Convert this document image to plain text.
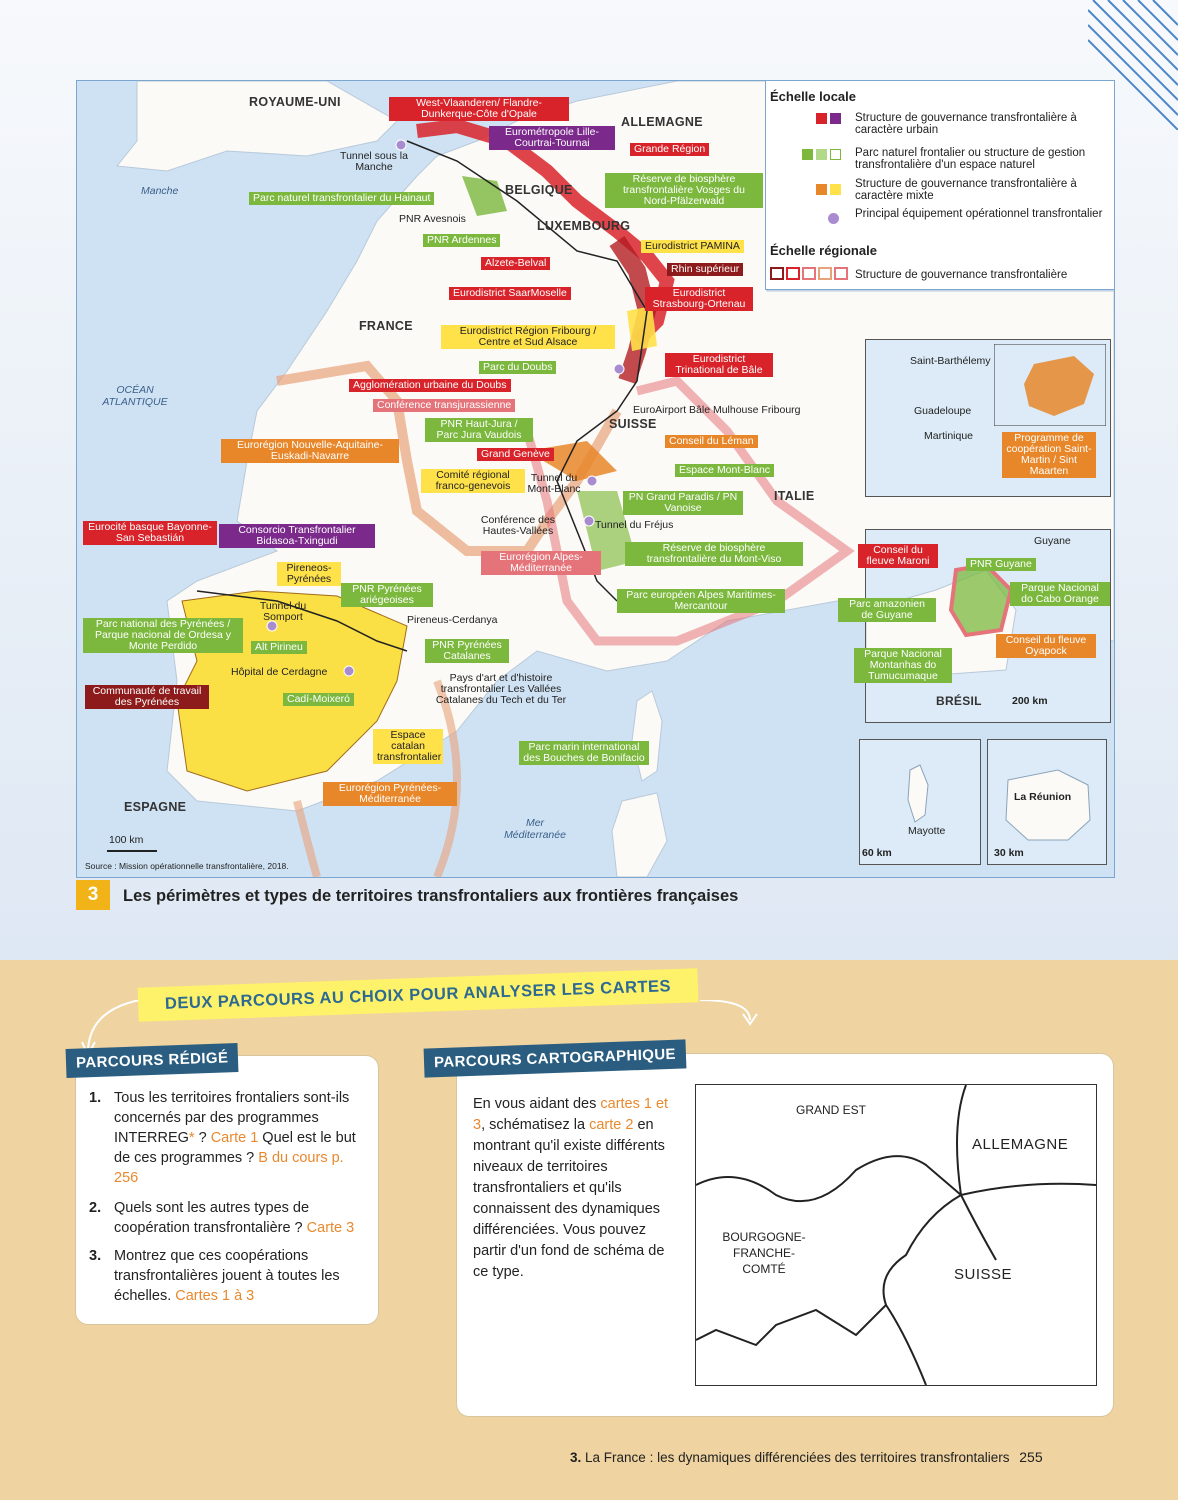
ROYAUME-UNI
ALLEMAGNE
BELGIQUE
LUXEMBOURG
FRANCE
SUISSE
ITALIE
ESPAGNE
Manche
OCÉAN ATLANTIQUE
Mer Méditerranée
West-Vlaanderen/ Flandre-Dunkerque-Côte d'Opale
Eurométropole Lille-Courtrai-Tournai	Grande Région
Tunnel sous la Manche
Réserve de biosphère transfrontalière Vosges du Nord-Pfälzerwald
Parc naturel transfrontalier du Hainaut
PNR Avesnois
PNR Ardennes	Eurodistrict PAMINA
Alzete-Belval	Rhin supérieur
Eurodistrict SaarMoselle	Eurodistrict Strasbourg-Ortenau
Eurodistrict Région Fribourg / Centre et Sud Alsace
Parc du Doubs
Eurodistrict Trinational de Bâle
Agglomération urbaine du Doubs
Conférence transjurassienne	EuroAirport Bâle Mulhouse Fribourg
PNR Haut-Jura / Parc Jura Vaudois	Conseil du Léman
Eurorégion Nouvelle-Aquitaine-Euskadi-Navarre	Grand Genève
Comité régional franco-genevois
Espace Mont-Blanc
Tunnel du Mont-Blanc
PN Grand Paradis / PN Vanoise
Conférence des Hautes-Vallées	Tunnel du Fréjus
Eurocité basque Bayonne-San Sebastián
Consorcio Transfrontalier Bidasoa-Txingudi
Réserve de biosphère transfrontalière du Mont-Viso
Eurorégion Alpes-Méditerranée
Pireneos-Pyrénées
PNR Pyrénées ariégeoises	Parc européen Alpes Maritimes-Mercantour
Tunnel du Somport	Pireneus-Cerdanya
Parc national des Pyrénées / Parque nacional de Ordesa y Monte Perdido	Alt Pirineu	PNR Pyrénées Catalanes
Hôpital de Cerdagne
Communauté de travail des Pyrénées	Cadí-Moixeró
Pays d'art et d'histoire transfrontalier Les Vallées Catalanes du Tech et du Ter
Espace catalan transfrontalier
Parc marin international des Bouches de Bonifacio
Eurorégion Pyrénées-Méditerranée
100 km
Source : Mission opérationnelle transfrontalière, 2018.
Échelle locale
Structure de gouvernance transfrontalière à caractère urbain
Parc naturel frontalier ou structure de gestion transfrontalière d'un espace naturel
Structure de gouvernance transfrontalière à caractère mixte
Principal équipement opérationnel transfrontalier
Échelle régionale
Structure de gouvernance transfrontalière
Saint-Barthélemy
Guadeloupe
Martinique	Programme de coopération Saint-Martin / Sint Maarten
Guyane
Conseil du fleuve Maroni	PNR Guyane
Parque Nacional do Cabo Orange
Parc amazonien de Guyane
Conseil du fleuve Oyapock
Parque Nacional Montanhas do Tumucumaque
BRÉSIL	200 km
Mayotte
60 km
La Réunion
30 km
3	Les périmètres et types de territoires transfrontaliers aux frontières françaises
DEUX PARCOURS AU CHOIX POUR ANALYSER LES CARTES
1. Tous les territoires frontaliers sont-ils concernés par des programmes INTERREG* ? Carte 1 Quel est le but de ces programmes ? B du cours p. 256
2. Quels sont les autres types de coopération transfrontalière ? Carte 3
3. Montrez que ces coopérations transfrontalières jouent à toutes les échelles. Cartes 1 à 3
PARCOURS RÉDIGÉ
En vous aidant des cartes 1 et 3, schématisez la carte 2 en montrant qu'il existe différents niveaux de territoires transfrontaliers et qu'ils connaissent des dynamiques différenciées. Vous pouvez partir d'un fond de schéma de ce type.
GRAND EST
ALLEMAGNE
BOURGOGNE-FRANCHE-COMTÉ	SUISSE
PARCOURS CARTOGRAPHIQUE
3. La France : les dynamiques différenciées des territoires transfrontaliers 255
